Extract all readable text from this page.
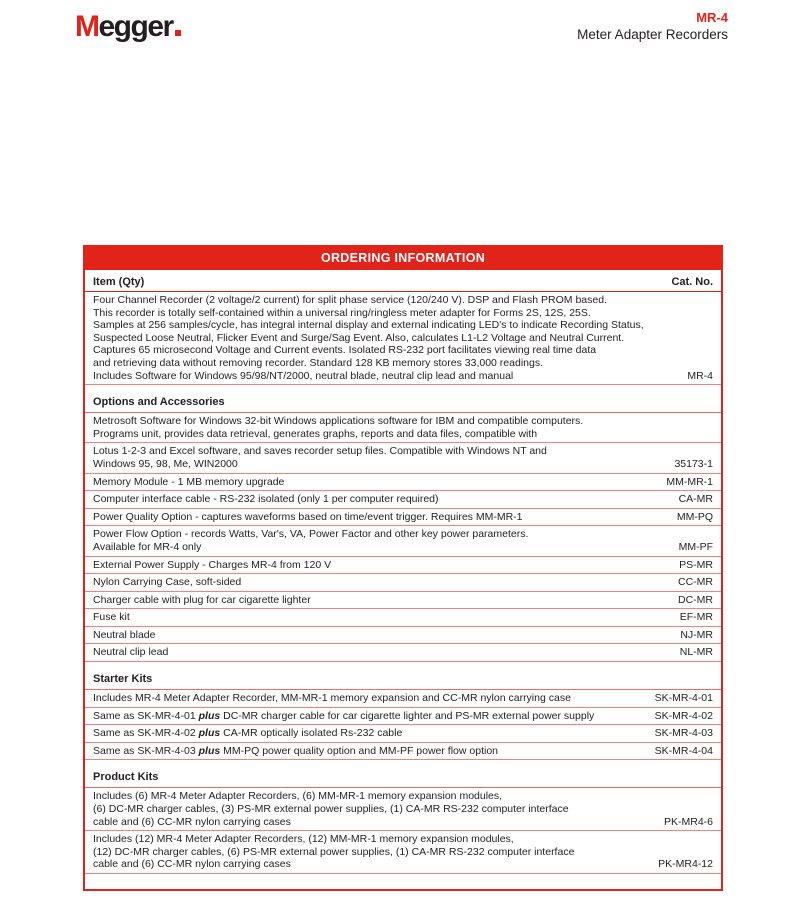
Megger	MR-4
Meter Adapter Recorders
ORDERING INFORMATION
Item (Qty)	Cat. No.
Four Channel Recorder (2 voltage/2 current) for split phase service (120/240 V). DSP and Flash PROM based.
This recorder is totally self-contained within a universal ring/ringless meter adapter for Forms 2S, 12S, 25S.
Samples at 256 samples/cycle, has integral internal display and external indicating LED's to indicate Recording Status,
Suspected Loose Neutral, Flicker Event and Surge/Sag Event. Also, calculates L1-L2 Voltage and Neutral Current.
Captures 65 microsecond Voltage and Current events. Isolated RS-232 port facilitates viewing real time data
and retrieving data without removing recorder. Standard 128 KB memory stores 33,000 readings.
Includes Software for Windows 95/98/NT/2000, neutral blade, neutral clip lead and manual	MR-4
Options and Accessories
Metrosoft Software for Windows 32-bit Windows applications software for IBM and compatible computers.
Programs unit, provides data retrieval, generates graphs, reports and data files, compatible with
Lotus 1-2-3 and Excel software, and saves recorder setup files. Compatible with Windows NT and
Windows 95, 98, Me, WIN2000	35173-1
Memory Module - 1 MB memory upgrade	MM-MR-1
Computer interface cable - RS-232 isolated (only 1 per computer required)	CA-MR
Power Quality Option - captures waveforms based on time/event trigger. Requires MM-MR-1	MM-PQ
Power Flow Option - records Watts, Var's, VA, Power Factor and other key power parameters.
Available for MR-4 only	MM-PF
External Power Supply - Charges MR-4 from 120 V	PS-MR
Nylon Carrying Case, soft-sided	CC-MR
Charger cable with plug for car cigarette lighter	DC-MR
Fuse kit	EF-MR
Neutral blade	NJ-MR
Neutral clip lead	NL-MR
Starter Kits
Includes MR-4 Meter Adapter Recorder, MM-MR-1 memory expansion and CC-MR nylon carrying case	SK-MR-4-01
Same as SK-MR-4-01 plus DC-MR charger cable for car cigarette lighter and PS-MR external power supply	SK-MR-4-02
Same as SK-MR-4-02 plus CA-MR optically isolated Rs-232 cable	SK-MR-4-03
Same as SK-MR-4-03 plus MM-PQ power quality option and MM-PF power flow option	SK-MR-4-04
Product Kits
Includes (6) MR-4 Meter Adapter Recorders, (6) MM-MR-1 memory expansion modules,
(6) DC-MR charger cables, (3) PS-MR external power supplies, (1) CA-MR RS-232 computer interface
cable and (6) CC-MR nylon carrying cases	PK-MR4-6
Includes (12) MR-4 Meter Adapter Recorders, (12) MM-MR-1 memory expansion modules,
(12) DC-MR charger cables, (6) PS-MR external power supplies, (1) CA-MR RS-232 computer interface
cable and (6) CC-MR nylon carrying cases	PK-MR4-12
